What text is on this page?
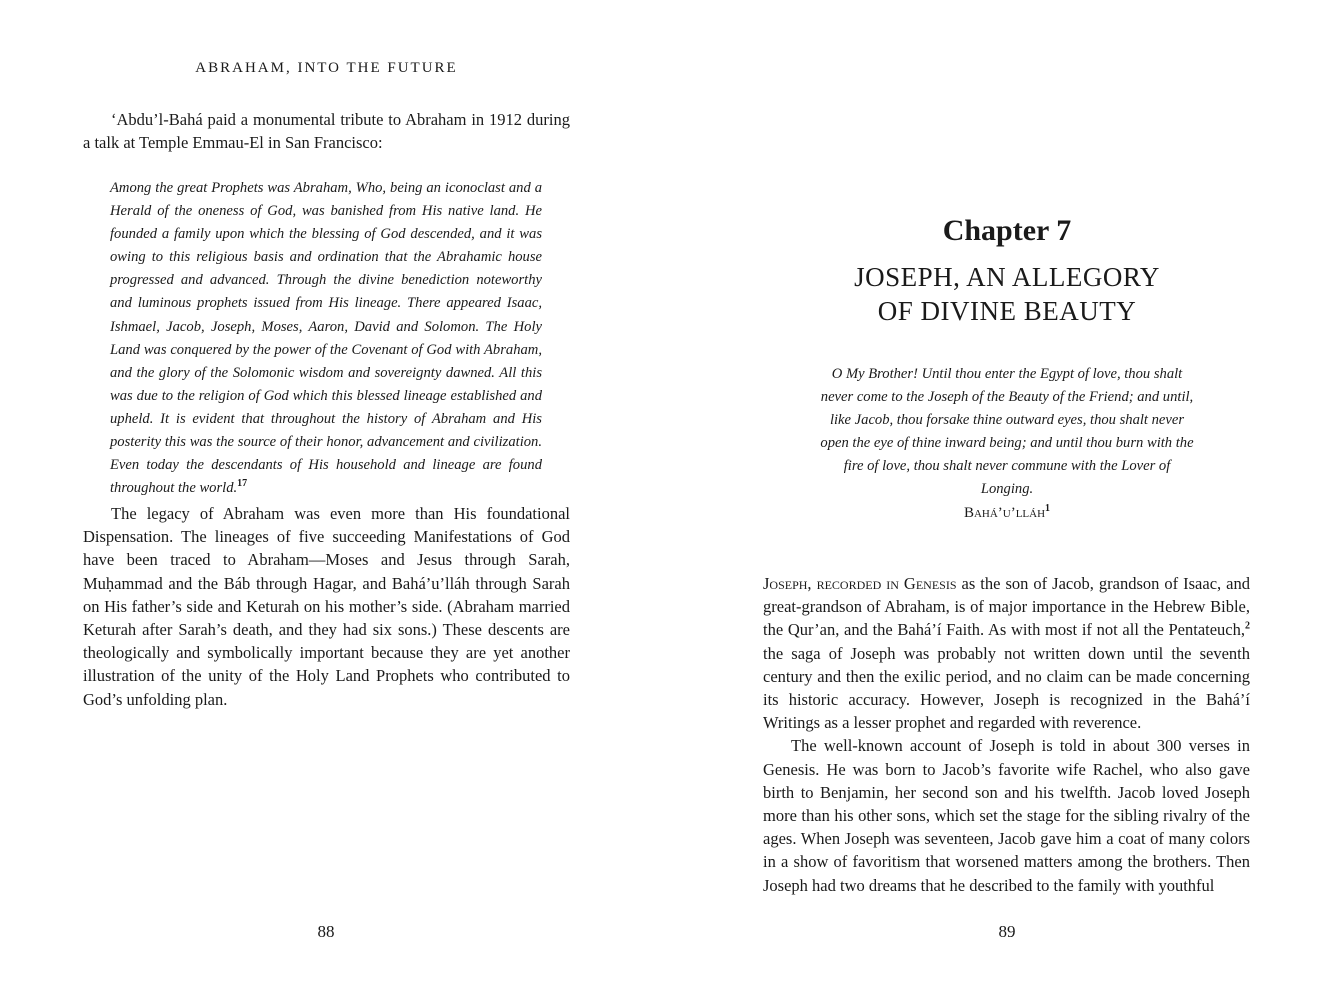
ABRAHAM, INTO THE FUTURE

‘Abdu’l-Bahá paid a monumental tribute to Abraham in 1912 during a talk at Temple Emmau-El in San Francisco:

Among the great Prophets was Abraham, Who, being an iconoclast and a Herald of the oneness of God, was banished from His native land. He founded a family upon which the blessing of God descended, and it was owing to this religious basis and ordination that the Abrahamic house progressed and advanced. Through the divine benediction noteworthy and luminous prophets issued from His lineage. There appeared Isaac, Ishmael, Jacob, Joseph, Moses, Aaron, David and Solomon. The Holy Land was conquered by the power of the Covenant of God with Abraham, and the glory of the Solomonic wisdom and sovereignty dawned. All this was due to the religion of God which this blessed lineage established and upheld. It is evident that throughout the history of Abraham and His posterity this was the source of their honor, advancement and civilization. Even today the descendants of His household and lineage are found throughout the world.$^{17}$

The legacy of Abraham was even more than His foundational Dispensation. The lineages of five succeeding Manifestations of God have been traced to Abraham—Moses and Jesus through Sarah, Muḥammad and the Báb through Hagar, and Bahá’u’lláh through Sarah on His father’s side and Keturah on his mother’s side. (Abraham married Keturah after Sarah’s death, and they had six sons.) These descents are theologically and symbolically important because they are yet another illustration of the unity of the Holy Land Prophets who contributed to God’s unfolding plan.

88
Chapter 7
JOSEPH, AN ALLEGORY
OF DIVINE BEAUTY
O My Brother! Until thou enter the Egypt of love, thou shalt never come to the Joseph of the Beauty of the Friend; and until, like Jacob, thou forsake thine outward eyes, thou shalt never open the eye of thine inward being; and until thou burn with the fire of love, thou shalt never commune with the Lover of Longing.
Bahá’u’lláh$^1$

Joseph, recorded in Genesis as the son of Jacob, grandson of Isaac, and great-grandson of Abraham, is of major importance in the Hebrew Bible, the Qur’an, and the Bahá’í Faith. As with most if not all the Pentateuch,$^2$ the saga of Joseph was probably not written down until the seventh century and then the exilic period, and no claim can be made concerning its historic accuracy. However, Joseph is recognized in the Bahá’í Writings as a lesser prophet and regarded with reverence.

The well-known account of Joseph is told in about 300 verses in Genesis. He was born to Jacob’s favorite wife Rachel, who also gave birth to Benjamin, her second son and his twelfth. Jacob loved Joseph more than his other sons, which set the stage for the sibling rivalry of the ages. When Joseph was seventeen, Jacob gave him a coat of many colors in a show of favoritism that worsened matters among the brothers. Then Joseph had two dreams that he described to the family with youthful

89
